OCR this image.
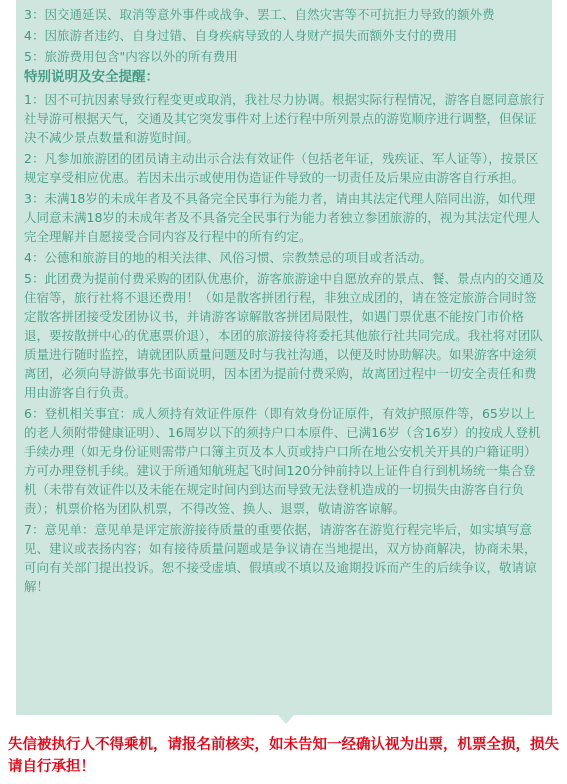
3：因交通延误、取消等意外事件或战争、罢工、自然灾害等不可抗拒力导致的额外费

4：因旅游者违约、自身过错、自身疾病导致的人身财产损失而额外支付的费用

5：旅游费用包含"内容以外的所有费用

特别说明及安全提醒：

1：因不可抗因素导致行程变更或取消，我社尽力协调。根据实际行程情况，游客自愿同意旅行社导游可根据天气，交通及其它突发事件对上述行程中所列景点的游览顺序进行调整，但保证决不减少景点数量和游览时间。

2：凡参加旅游团的团员请主动出示合法有效证件（包括老年证，残疾证、军人证等），按景区规定享受相应优惠。若因未出示或使用伪造证件导致的一切责任及后果应由游客自行承担。

3：未满18岁的未成年者及不具备完全民事行为能力者，请由其法定代理人陪同出游，如代理人同意未满18岁的未成年者及不具备完全民事行为能力者独立参团旅游的，视为其法定代理人完全理解并自愿接受合同内容及行程中的所有约定。

4：公德和旅游目的地的相关法律、风俗习惯、宗教禁忌的项目或者活动。

5：此团费为提前付费采购的团队优惠价，游客旅游途中自愿放弃的景点、餐、景点内的交通及住宿等，旅行社将不退还费用！（如是散客拼团行程，非独立成团的，请在签定旅游合同时签定散客拼团接受发团协议书，并请游客谅解散客拼团局限性，如遇门票优惠不能按门市价格退，要按散拼中心的优惠票价退），本团的旅游接待将委托其他旅行社共同完成。我社将对团队质量进行随时监控，请就团队质量问题及时与我社沟通，以便及时协助解决。如果游客中途须离团，必须向导游做事先书面说明，因本团为提前付费采购，故离团过程中一切安全责任和费用由游客自行负责。

6：登机相关事宜：成人须持有效证件原件（即有效身份证原件，有效护照原件等，65岁以上的老人须附带健康证明）、16周岁以下的须持户口本原件、已满16岁（含16岁）的按成人登机手续办理（如无身份证则需带户口簿主页及本人页或持户口所在地公安机关开具的户籍证明）方可办理登机手续。建议于所通知航班起飞时间120分钟前持以上证件自行到机场统一集合登机（未带有效证件以及未能在规定时间内到达而导致无法登机造成的一切损失由游客自行负责）；机票价格为团队机票，不得改签、换人、退票，敬请游客谅解。

7：意见单：意见单是评定旅游接待质量的重要依据，请游客在游览行程完毕后，如实填写意见、建议或表扬内容；如有接待质量问题或是争议请在当地提出，双方协商解决，协商未果，可向有关部门提出投诉。恕不接受虚填、假填或不填以及逾期投诉而产生的后续争议，敬请谅解！

失信被执行人不得乘机，请报名前核实，如未告知一经确认视为出票，机票全损，损失请自行承担！
